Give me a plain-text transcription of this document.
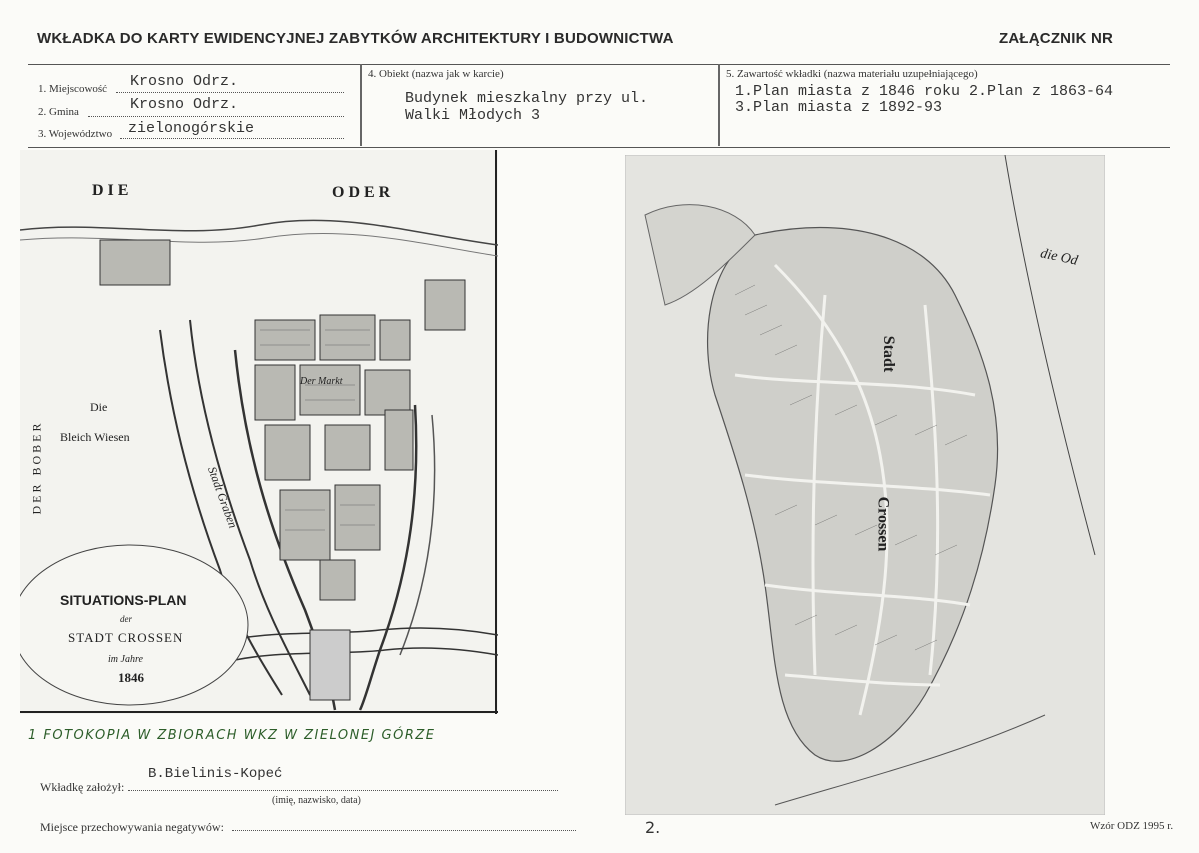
WKŁADKA DO KARTY EWIDENCYJNEJ ZABYTKÓW ARCHITEKTURY I BUDOWNICTWA	ZAŁĄCZNIK NR
1. Miejscowość Krosno Odrz.
2. Gmina	Krosno Odrz.
3. Województwo zielonogórskie
4. Obiekt (nazwa jak w karcie)
Budynek mieszkalny przy ul.
Walki Młodych 3
5. Zawartość wkładki (nazwa materiału uzupełniającego)
1.Plan miasta z 1846 roku 2.Plan z 1863-64
3.Plan miasta z 1892-93
DIE	ODER
DER BOBER
Die
Bleich Wiesen
Der Markt
Stadt Graben
SITUATIONS-PLAN
der
STADT CROSSEN
im Jahre
1846
1 FOTOKOPIA W ZBIORACH WKZ W ZIELONEJ GÓRZE
die Od
Stadt
Crossen
Wkładkę założył:
B.Bielinis-Kopeć
(imię, nazwisko, data)
Miejsce przechowywania negatywów:	2.	Wzór ODZ 1995 r.
